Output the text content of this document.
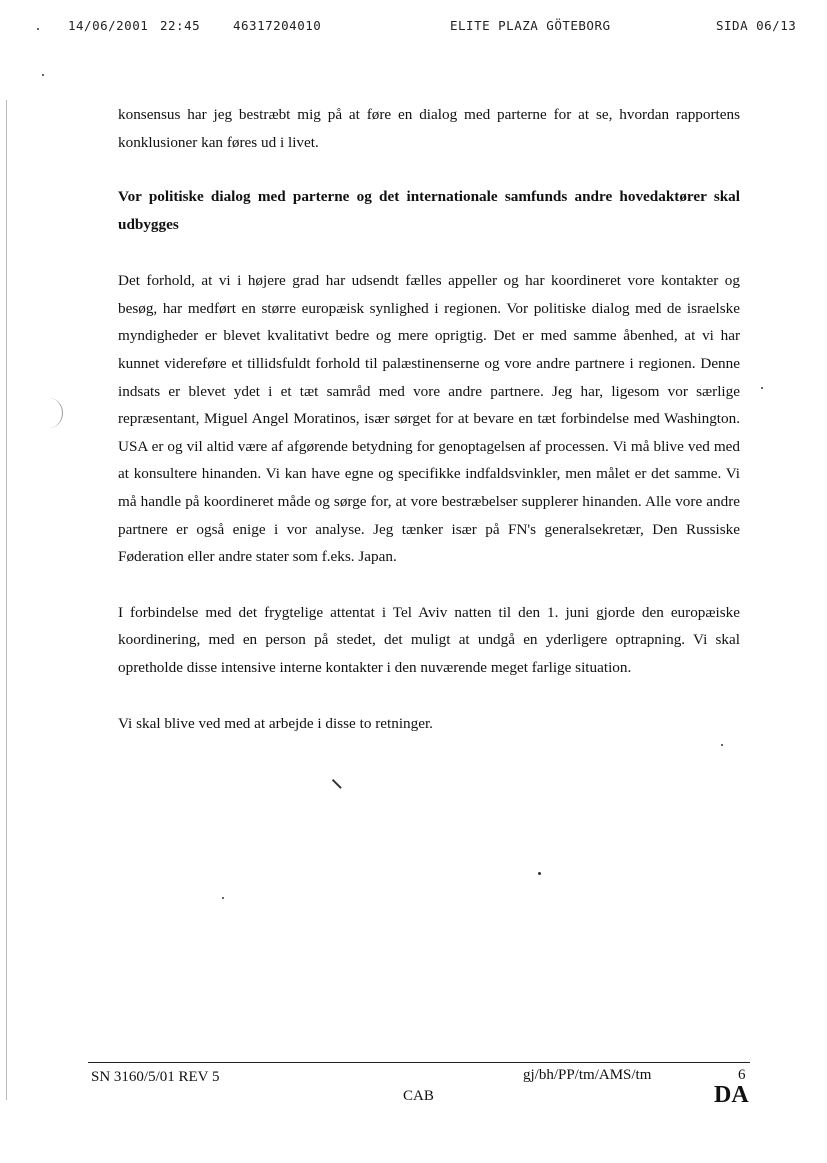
14/06/2001 22:45	46317204010	ELITE PLAZA GÖTEBORG	SIDA 06/13

konsensus har jeg bestræbt mig på at føre en dialog med parterne for at se, hvordan rapportens konklusioner kan føres ud i livet.

Vor politiske dialog med parterne og det internationale samfunds andre hovedaktører skal udbygges

Det forhold, at vi i højere grad har udsendt fælles appeller og har koordineret vore kontakter og besøg, har medført en større europæisk synlighed i regionen. Vor politiske dialog med de israelske myndigheder er blevet kvalitativt bedre og mere oprigtig. Det er med samme åbenhed, at vi har kunnet videreføre et tillidsfuldt forhold til palæstinenserne og vore andre partnere i regionen. Denne indsats er blevet ydet i et tæt samråd med vore andre partnere. Jeg har, ligesom vor særlige repræsentant, Miguel Angel Moratinos, især sørget for at bevare en tæt forbindelse med Washington. USA er og vil altid være af afgørende betydning for genoptagelsen af processen. Vi må blive ved med at konsultere hinanden. Vi kan have egne og specifikke indfaldsvinkler, men målet er det samme. Vi må handle på koordineret måde og sørge for, at vore bestræbelser supplerer hinanden. Alle vore andre partnere er også enige i vor analyse. Jeg tænker især på FN's generalsekretær, Den Russiske Føderation eller andre stater som f.eks. Japan.

I forbindelse med det frygtelige attentat i Tel Aviv natten til den 1. juni gjorde den europæiske koordinering, med en person på stedet, det muligt at undgå en yderligere optrapning. Vi skal opretholde disse intensive interne kontakter i den nuværende meget farlige situation.

Vi skal blive ved med at arbejde i disse to retninger.

SN 3160/5/01 REV 5	gj/bh/PP/tm/AMS/tm	6
CAB	DA
